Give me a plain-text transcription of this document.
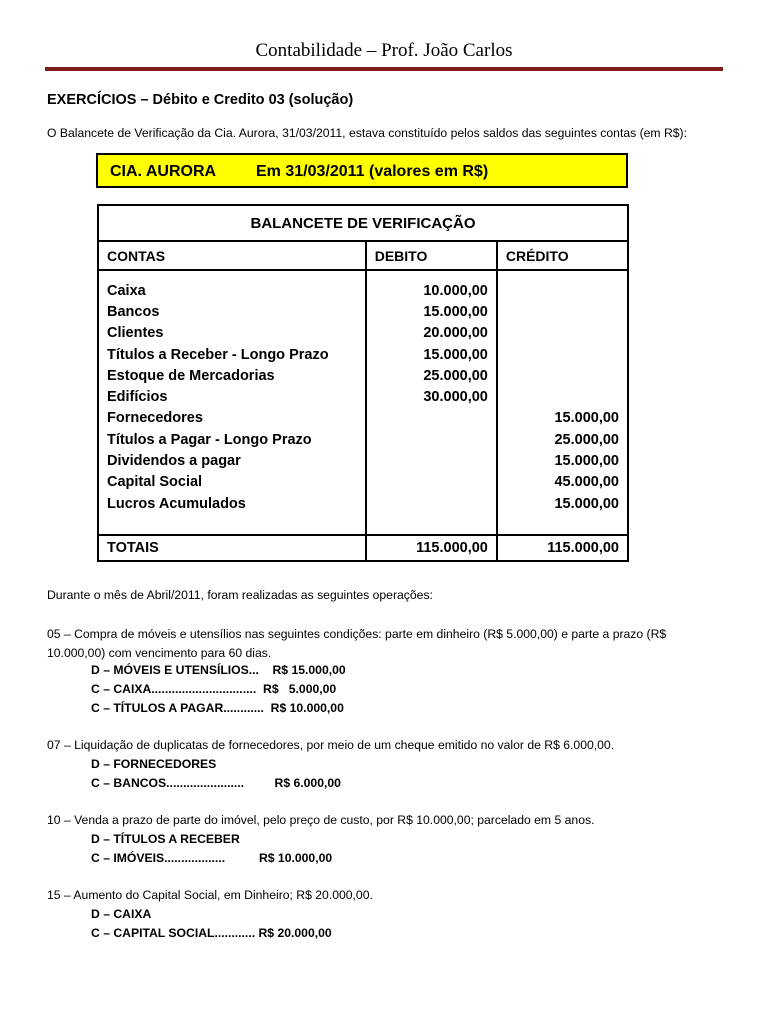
Contabilidade – Prof. João Carlos
EXERCÍCIOS – Débito e Credito 03 (solução)
O Balancete de Verificação da Cia. Aurora, 31/03/2011, estava constituído pelos saldos das seguintes contas (em R$):
CIA. AURORA Em 31/03/2011 (valores em R$)
BALANCETE DE VERIFICAÇÃO		
CONTAS	DEBITO	CRÉDITO

Caixa	10.000,00	
Bancos	15.000,00	
Clientes	20.000,00	
Títulos a Receber - Longo Prazo	15.000,00	
Estoque de Mercadorias	25.000,00	
Edifícios	30.000,00	
Fornecedores		15.000,00
Títulos a Pagar - Longo Prazo		25.000,00
Dividendos a pagar		15.000,00
Capital Social		45.000,00
Lucros Acumulados		15.000,00

TOTAIS	115.000,00	115.000,00
Durante o mês de Abril/2011, foram realizadas as seguintes operações:
05 – Compra de móveis e utensílios nas seguintes condições: parte em dinheiro (R$ 5.000,00) e parte a prazo (R$
10.000,00) com vencimento para 60 dias.
D – MÓVEIS E UTENSÍLIOS...    R$ 15.000,00
C – CAIXA...............................  R$   5.000,00
C – TÍTULOS A PAGAR............  R$ 10.000,00
07 – Liquidação de duplicatas de fornecedores, por meio de um cheque emitido no valor de R$ 6.000,00.
D – FORNECEDORES
C – BANCOS.......................         R$ 6.000,00
10 – Venda a prazo de parte do imóvel, pelo preço de custo, por R$ 10.000,00; parcelado em 5 anos.
D – TÍTULOS A RECEBER
C – IMÓVEIS..................          R$ 10.000,00
15 – Aumento do Capital Social, em Dinheiro; R$ 20.000,00.
D – CAIXA
C – CAPITAL SOCIAL............ R$ 20.000,00
